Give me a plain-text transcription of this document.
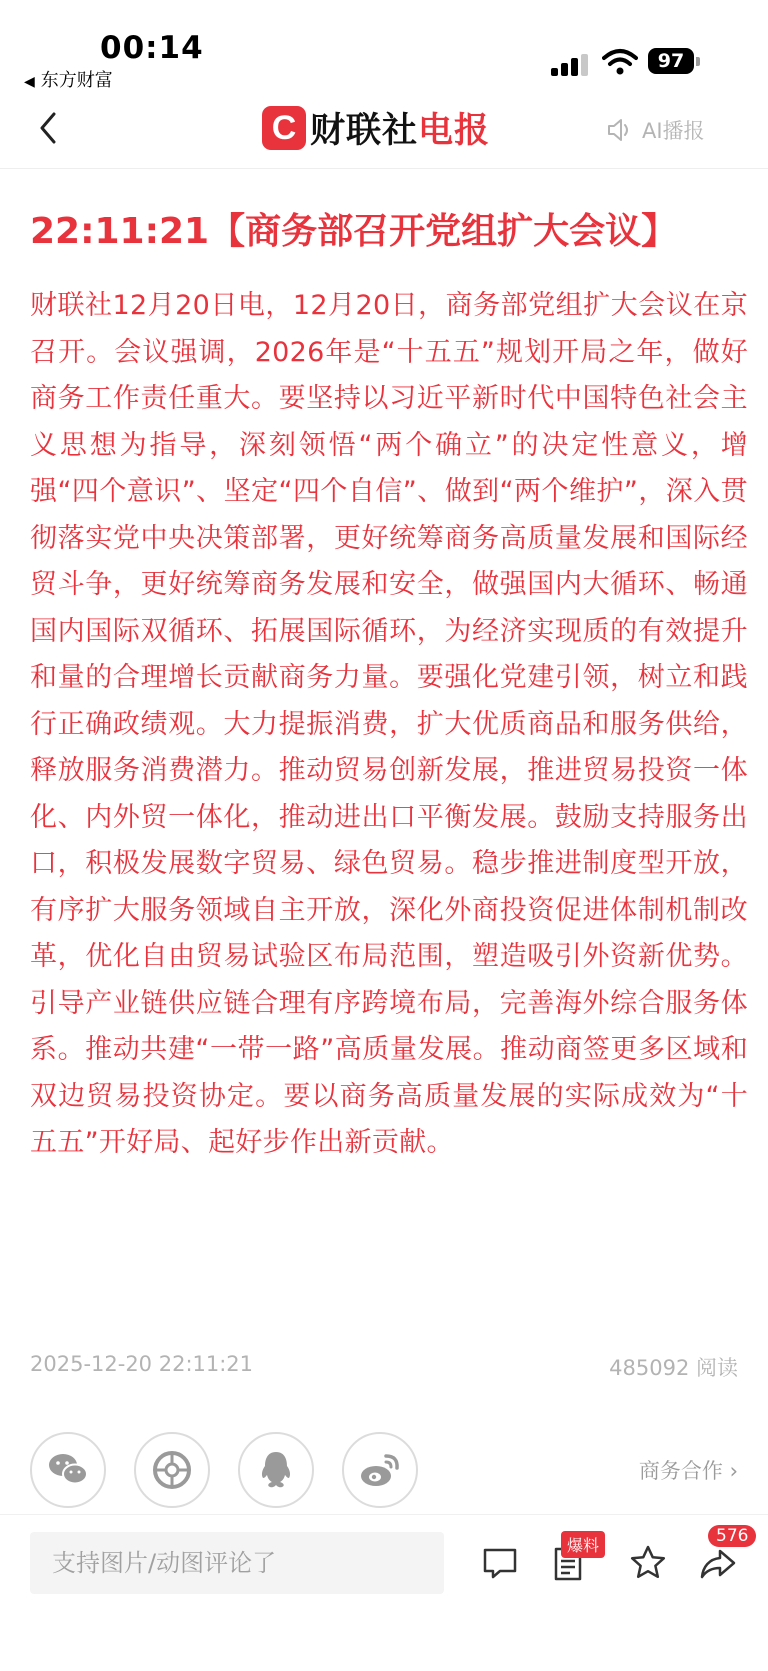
00:14
◀ 东方财富
97
C 财联社电报	AI播报
22:11:21【商务部召开党组扩大会议】
财联社12月20日电，12月20日，商务部党组扩大会议在京召开。会议强调，2026年是“十五五”规划开局之年，做好商务工作责任重大。要坚持以习近平新时代中国特色社会主义思想为指导，深刻领悟“两个确立”的决定性意义，增强“四个意识”、坚定“四个自信”、做到“两个维护”，深入贯彻落实党中央决策部署，更好统筹商务高质量发展和国际经贸斗争，更好统筹商务发展和安全，做强国内大循环、畅通国内国际双循环、拓展国际循环，为经济实现质的有效提升和量的合理增长贡献商务力量。要强化党建引领，树立和践行正确政绩观。大力提振消费，扩大优质商品和服务供给，释放服务消费潜力。推动贸易创新发展，推进贸易投资一体化、内外贸一体化，推动进出口平衡发展。鼓励支持服务出口，积极发展数字贸易、绿色贸易。稳步推进制度型开放，有序扩大服务领域自主开放，深化外商投资促进体制机制改革，优化自由贸易试验区布局范围，塑造吸引外资新优势。引导产业链供应链合理有序跨境布局，完善海外综合服务体系。推动共建“一带一路”高质量发展。推动商签更多区域和双边贸易投资协定。要以商务高质量发展的实际成效为“十五五”开好局、起好步作出新贡献。
2025-12-20 22:11:21	485092 阅读
商务合作 ›
支持图片/动图评论了
爆料	576
